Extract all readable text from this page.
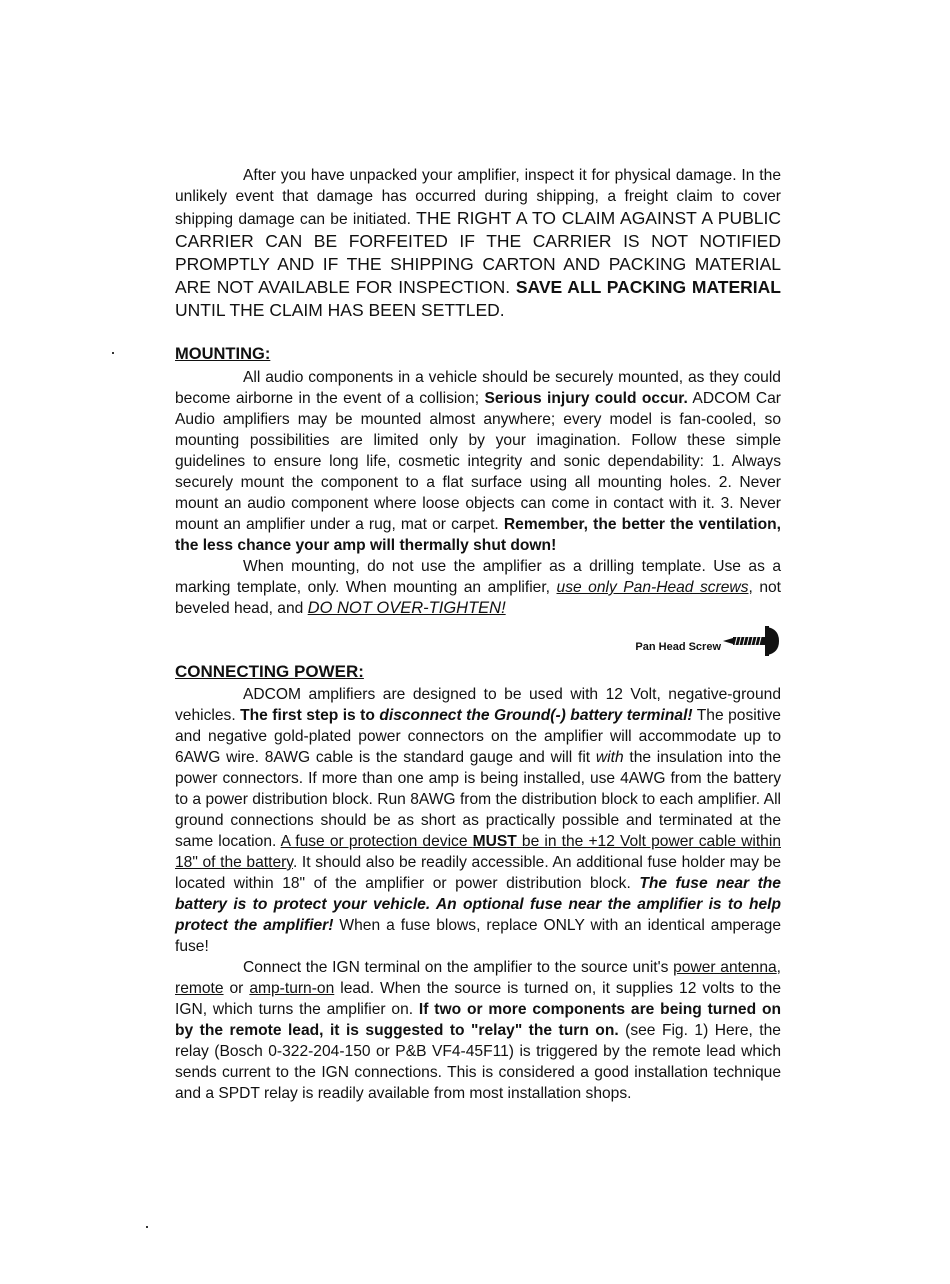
After you have unpacked your amplifier, inspect it for physical damage. In the unlikely event that damage has occurred during shipping, a freight claim to cover shipping damage can be initiated. THE RIGHT A TO CLAIM AGAINST A PUBLIC CARRIER CAN BE FORFEITED IF THE CARRIER IS NOT NOTIFIED PROMPTLY AND IF THE SHIPPING CARTON AND PACKING MATERIAL ARE NOT AVAILABLE FOR INSPECTION. SAVE ALL PACKING MATERIAL UNTIL THE CLAIM HAS BEEN SETTLED.

MOUNTING:

All audio components in a vehicle should be securely mounted, as they could become airborne in the event of a collision; Serious injury could occur. ADCOM Car Audio amplifiers may be mounted almost anywhere; every model is fan-cooled, so mounting possibilities are limited only by your imagination. Follow these simple guidelines to ensure long life, cosmetic integrity and sonic dependability: 1. Always securely mount the component to a flat surface using all mounting holes. 2. Never mount an audio component where loose objects can come in contact with it. 3. Never mount an amplifier under a rug, mat or carpet. Remember, the better the ventilation, the less chance your amp will thermally shut down!

When mounting, do not use the amplifier as a drilling template. Use as a marking template, only. When mounting an amplifier, use only Pan-Head screws, not beveled head, and DO NOT OVER-TIGHTEN!

Pan Head Screw
CONNECTING POWER:

ADCOM amplifiers are designed to be used with 12 Volt, negative-ground vehicles. The first step is to disconnect the Ground(-) battery terminal! The positive and negative gold-plated power connectors on the amplifier will accommodate up to 6AWG wire. 8AWG cable is the standard gauge and will fit with the insulation into the power connectors. If more than one amp is being installed, use 4AWG from the battery to a power distribution block. Run 8AWG from the distribution block to each amplifier. All ground connections should be as short as practically possible and terminated at the same location. A fuse or protection device MUST be in the +12 Volt power cable within 18" of the battery. It should also be readily accessible. An additional fuse holder may be located within 18" of the amplifier or power distribution block. The fuse near the battery is to protect your vehicle. An optional fuse near the amplifier is to help protect the amplifier! When a fuse blows, replace ONLY with an identical amperage fuse!

Connect the IGN terminal on the amplifier to the source unit's power antenna, remote or amp-turn-on lead. When the source is turned on, it supplies 12 volts to the IGN, which turns the amplifier on. If two or more components are being turned on by the remote lead, it is suggested to "relay" the turn on. (see Fig. 1) Here, the relay (Bosch 0-322-204-150 or P&B VF4-45F11) is triggered by the remote lead which sends current to the IGN connections. This is considered a good installation technique and a SPDT relay is readily available from most installation shops.
